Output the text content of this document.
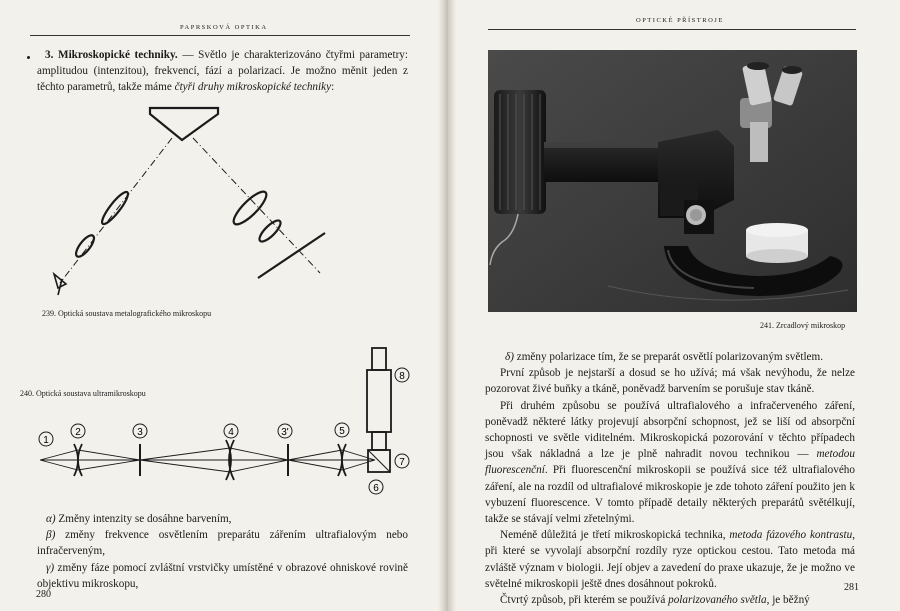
PAPRSKOVÁ OPTIKA

3. Mikroskopické techniky. — Světlo je charakterizováno čtyřmi parametry: amplitudou (intenzitou), frekvencí, fází a polarizací. Je možno měnit jeden z těchto parametrů, takže máme čtyři druhy mikroskopické techniky:

239. Optická soustava metalografického mikroskopu
240. Optická soustava ultramikroskopu
1
2	3	4	3'	5
6
7
8

α) Změny intenzity se dosáhne barvením,

β) změny frekvence osvětlením preparátu zářením ultrafialovým nebo infračerveným,

γ) změny fáze pomocí zvláštní vrstvičky umístěné v obrazové ohniskové rovině objektivu mikroskopu,

280
OPTICKÉ PŘÍSTROJE
241. Zrcadlový mikroskop

δ) změny polarizace tím, že se preparát osvětlí polarizovaným světlem.

První způsob je nejstarší a dosud se ho užívá; má však nevýhodu, že nelze pozorovat živé buňky a tkáně, poněvadž barvením se porušuje stav tkáně.

Při druhém způsobu se používá ultrafialového a infračerveného záření, poněvadž některé látky projevují absorpční schopnost, jež se liší od absorpční schopnosti ve světle viditelném. Mikroskopická pozorování v těchto případech jsou však nákladná a lze je plně nahradit novou technikou — metodou fluorescenční. Při fluorescenční mikroskopii se používá sice též ultrafialového záření, ale na rozdíl od ultrafialové mikroskopie je zde tohoto záření použito jen k vybuzení fluorescence. V tomto případě detaily některých preparátů světélkují, takže se stávají velmi zřetelnými.

Neméně důležitá je třetí mikroskopická technika, metoda fázového kontrastu, při které se vyvolají absorpční rozdíly ryze optickou cestou. Tato metoda má zvláště význam v biologii. Její objev a zavedení do praxe ukazuje, že je možno ve světelné mikroskopii ještě dnes dosáhnout pokroků.

Čtvrtý způsob, při kterém se používá polarizovaného světla, je běžný

281
